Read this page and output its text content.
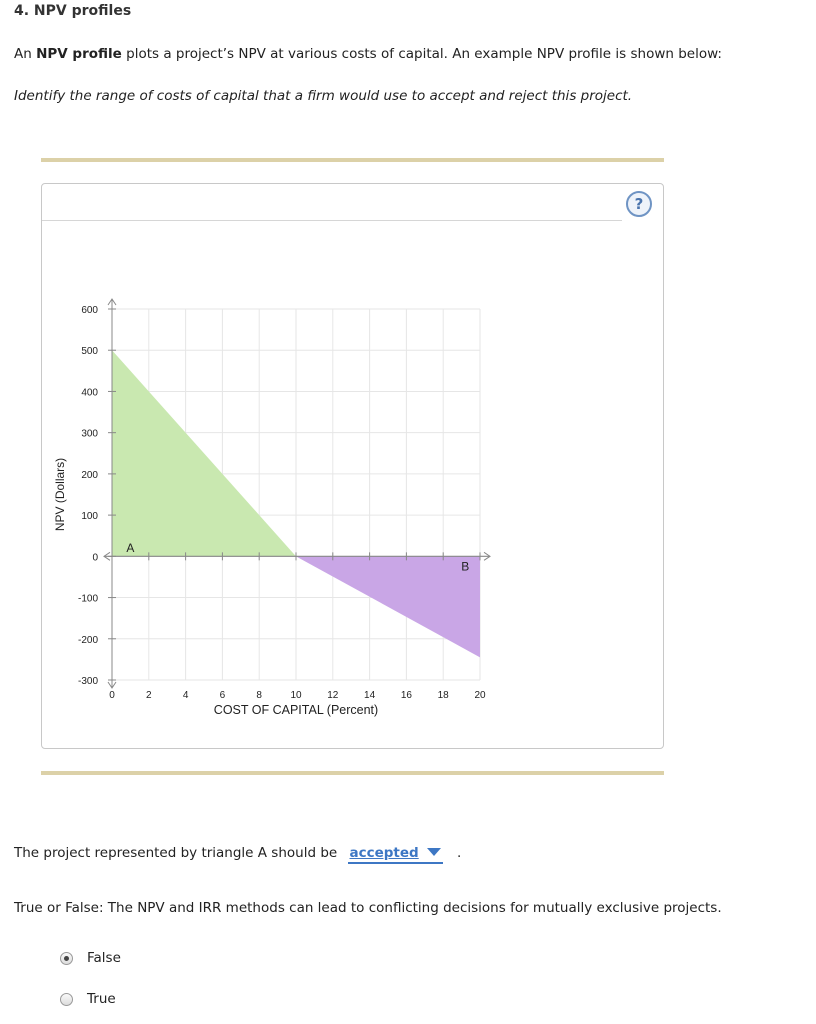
4. NPV profiles
An NPV profile plots a project’s NPV at various costs of capital. An example NPV profile is shown below:
Identify the range of costs of capital that a firm would use to accept and reject this project.
?
0	2	4	6	8	10	12	14	16	18	20
600
500
400
300
200
100
0
-100
-200
-300
A
B
NPV (Dollars)
COST OF CAPITAL (Percent)
The project represented by triangle A should be accepted	.
True or False: The NPV and IRR methods can lead to conflicting decisions for mutually exclusive projects.
False
True
